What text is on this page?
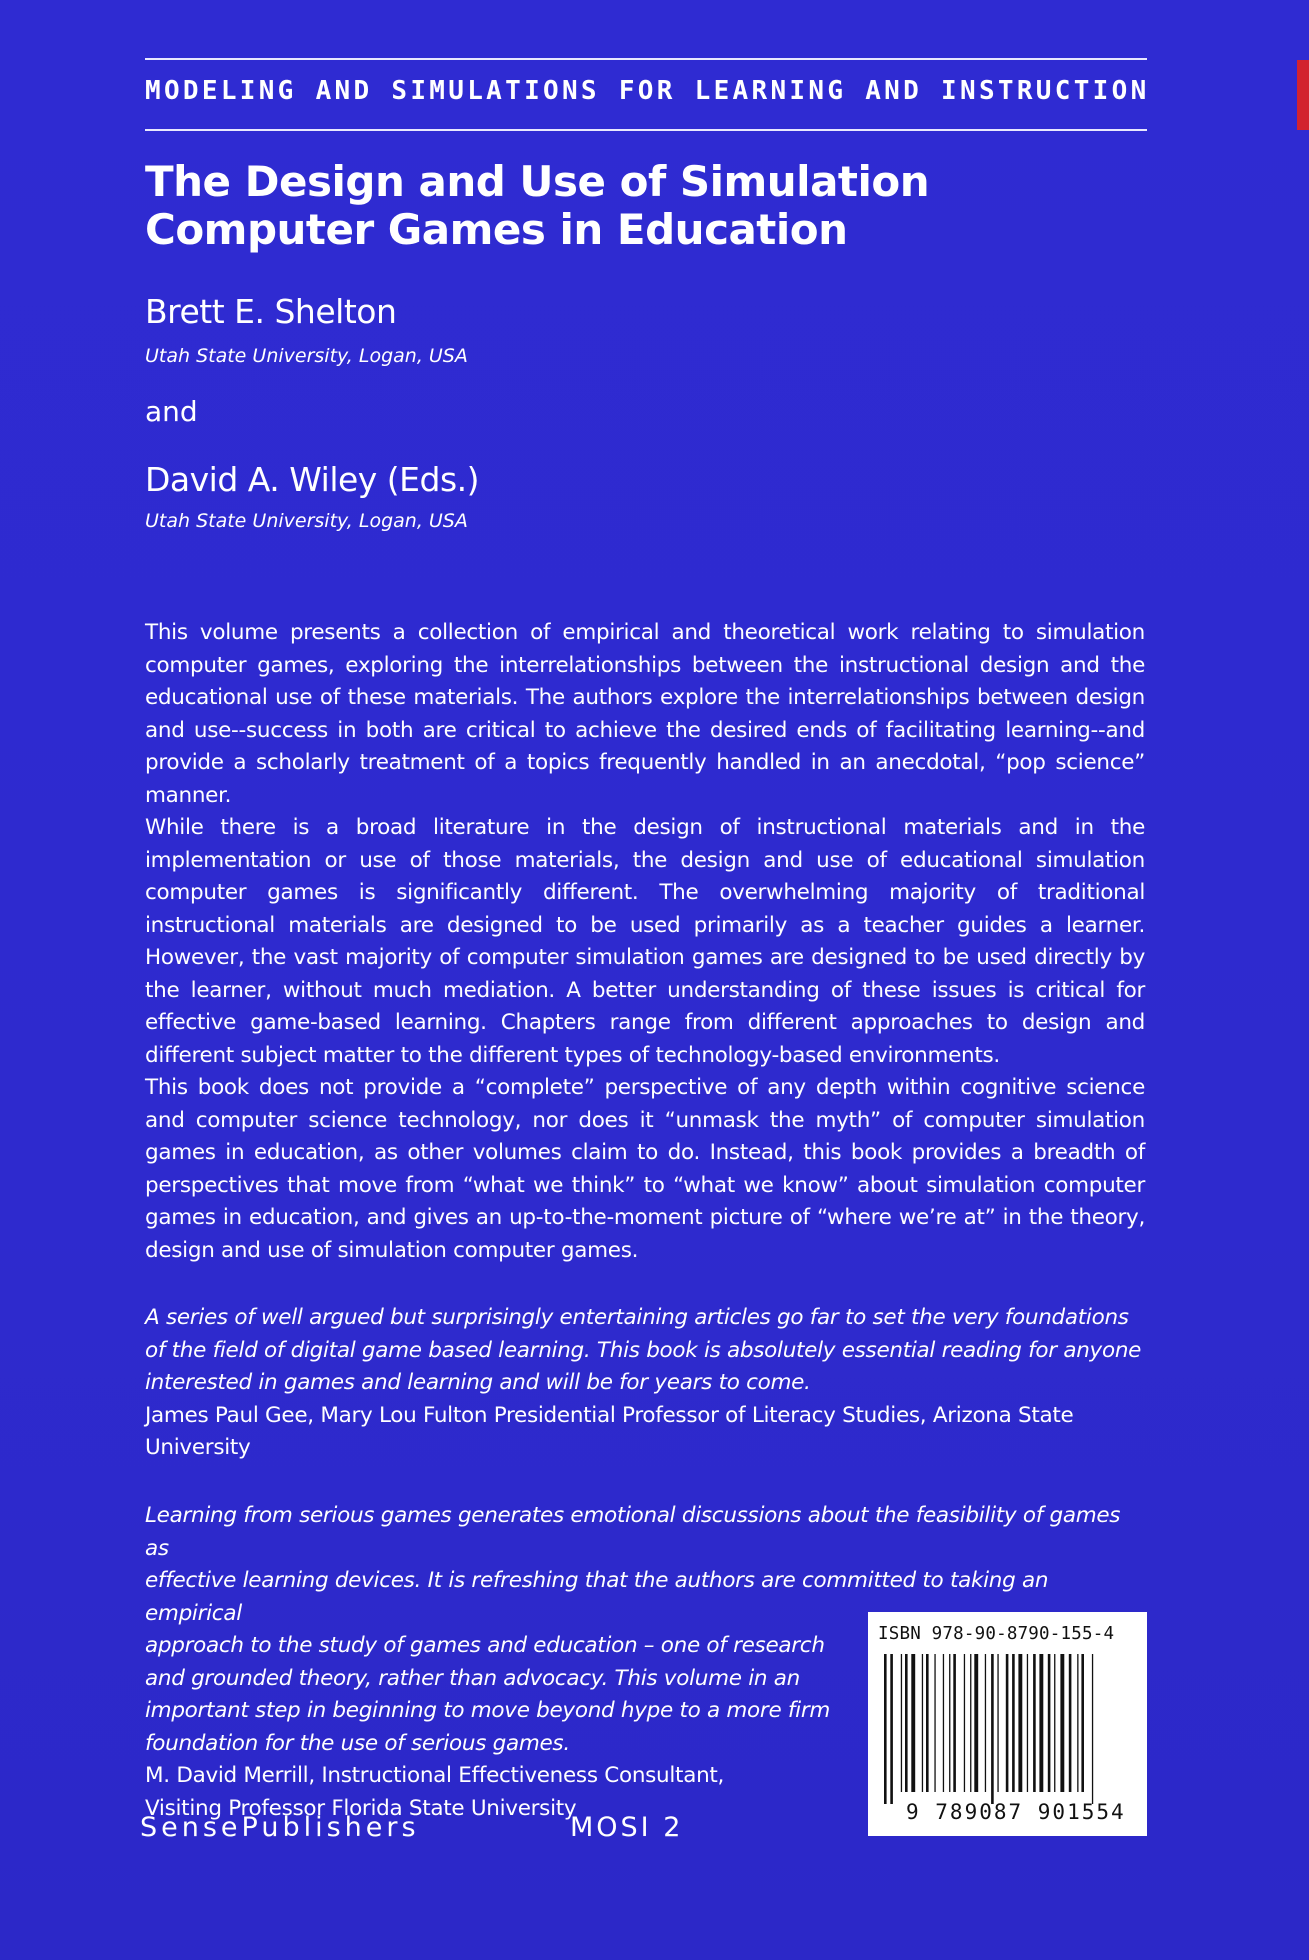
MODELING AND SIMULATIONS FOR LEARNING AND INSTRUCTION
The Design and Use of Simulation Computer Games in Education
Brett E. Shelton
Utah State University, Logan, USA
and
David A. Wiley (Eds.)
Utah State University, Logan, USA

This volume presents a collection of empirical and theoretical work relating to simulation computer games, exploring the interrelationships between the instructional design and the educational use of these materials. The authors explore the interrelationships between design and use--success in both are critical to achieve the desired ends of facilitating learning--and provide a scholarly treatment of a topics frequently handled in an anecdotal, “pop science” manner.

While there is a broad literature in the design of instructional materials and in the implementation or use of those materials, the design and use of educational simulation computer games is significantly different. The overwhelming majority of traditional instructional materials are designed to be used primarily as a teacher guides a learner. However, the vast majority of computer simulation games are designed to be used directly by the learner, without much mediation. A better understanding of these issues is critical for effective game-based learning. Chapters range from different approaches to design and different subject matter to the different types of technology-based environments.

This book does not provide a “complete” perspective of any depth within cognitive science and computer science technology, nor does it “unmask the myth” of computer simulation games in education, as other volumes claim to do. Instead, this book provides a breadth of perspectives that move from “what we think” to “what we know” about simulation computer games in education, and gives an up-to-the-moment picture of “where we’re at” in the theory, design and use of simulation computer games.

A series of well argued but surprisingly entertaining articles go far to set the very foundations of the field of digital game based learning. This book is absolutely essential reading for anyone interested in games and learning and will be for years to come.

James Paul Gee, Mary Lou Fulton Presidential Professor of Literacy Studies, Arizona State University

Learning from serious games generates emotional discussions about the feasibility of games as

effective learning devices. It is refreshing that the authors are committed to taking an empirical

approach to the study of games and education – one of research

and grounded theory, rather than advocacy. This volume in an

important step in beginning to move beyond hype to a more firm

foundation for the use of serious games.

M. David Merrill, Instructional Effectiveness Consultant,

Visiting Professor Florida State University

SensePublishers	MOSI 2
ISBN 978-90-8790-155-4
9 789087 901554
